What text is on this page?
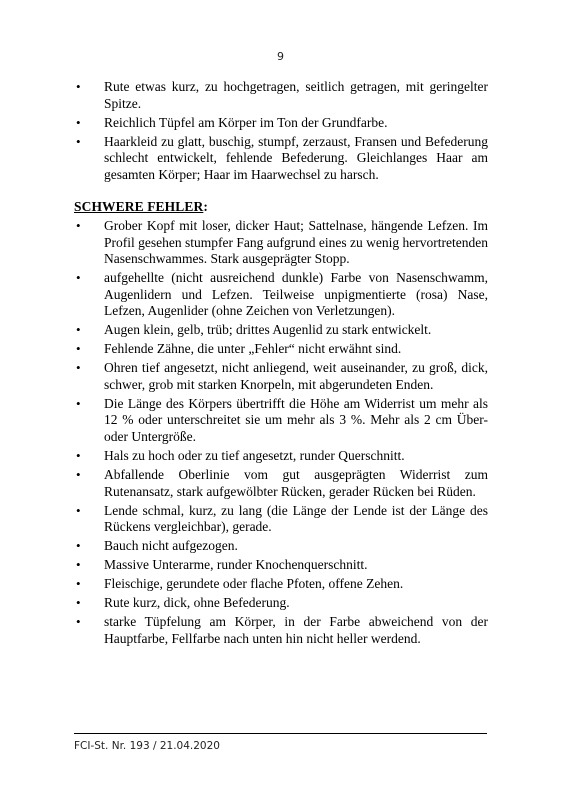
9
• Rute etwas kurz, zu hochgetragen, seitlich getragen, mit geringelter Spitze.
• Reichlich Tüpfel am Körper im Ton der Grundfarbe.
• Haarkleid zu glatt, buschig, stumpf, zerzaust, Fransen und Befederung schlecht entwickelt, fehlende Befederung. Gleichlanges Haar am gesamten Körper; Haar im Haarwechsel zu harsch.
SCHWERE FEHLER:
• Grober Kopf mit loser, dicker Haut; Sattelnase, hängende Lefzen. Im Profil gesehen stumpfer Fang aufgrund eines zu wenig hervortretenden Nasenschwammes. Stark ausgeprägter Stopp.
• aufgehellte (nicht ausreichend dunkle) Farbe von Nasenschwamm, Augenlidern und Lefzen. Teilweise unpigmentierte (rosa) Nase, Lefzen, Augenlider (ohne Zeichen von Verletzungen).
• Augen klein, gelb, trüb; drittes Augenlid zu stark entwickelt.
• Fehlende Zähne, die unter „Fehler“ nicht erwähnt sind.
• Ohren tief angesetzt, nicht anliegend, weit auseinander, zu groß, dick, schwer, grob mit starken Knorpeln, mit abgerundeten Enden.
• Die Länge des Körpers übertrifft die Höhe am Widerrist um mehr als 12 % oder unterschreitet sie um mehr als 3 %. Mehr als 2 cm Über- oder Untergröße.
• Hals zu hoch oder zu tief angesetzt, runder Querschnitt.
• Abfallende Oberlinie vom gut ausgeprägten Widerrist zum Rutenansatz, stark aufgewölbter Rücken, gerader Rücken bei Rüden.
• Lende schmal, kurz, zu lang (die Länge der Lende ist der Länge des Rückens vergleichbar), gerade.
• Bauch nicht aufgezogen.
• Massive Unterarme, runder Knochenquerschnitt.
• Fleischige, gerundete oder flache Pfoten, offene Zehen.
• Rute kurz, dick, ohne Befederung.
• starke Tüpfelung am Körper, in der Farbe abweichend von der Hauptfarbe, Fellfarbe nach unten hin nicht heller werdend.
FCI-St. Nr. 193 / 21.04.2020
